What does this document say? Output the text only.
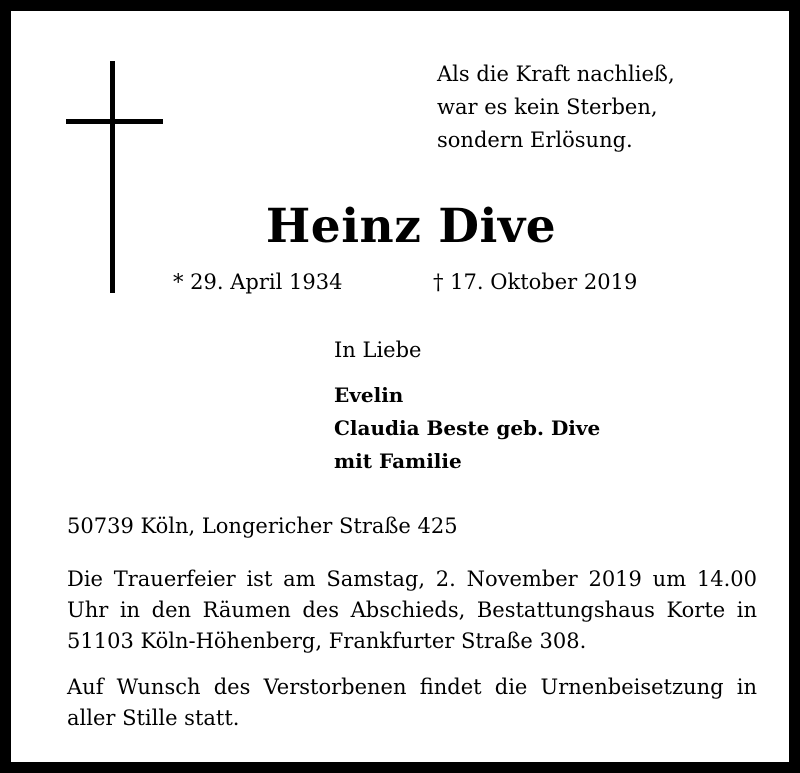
Als die Kraft nachließ,
war es kein Sterben,
sondern Erlösung.
Heinz Dive
* 29. April 1934	† 17. Oktober 2019
In Liebe
Evelin
Claudia Beste geb. Dive
mit Familie
50739 Köln, Longericher Straße 425
Die Trauerfeier ist am Samstag, 2. November 2019 um 14.00 Uhr in den Räumen des Abschieds, Bestattungshaus Korte in 51103 Köln-Höhenberg, Frankfurter Straße 308.
Auf Wunsch des Verstorbenen findet die Urnenbeisetzung in aller Stille statt.
